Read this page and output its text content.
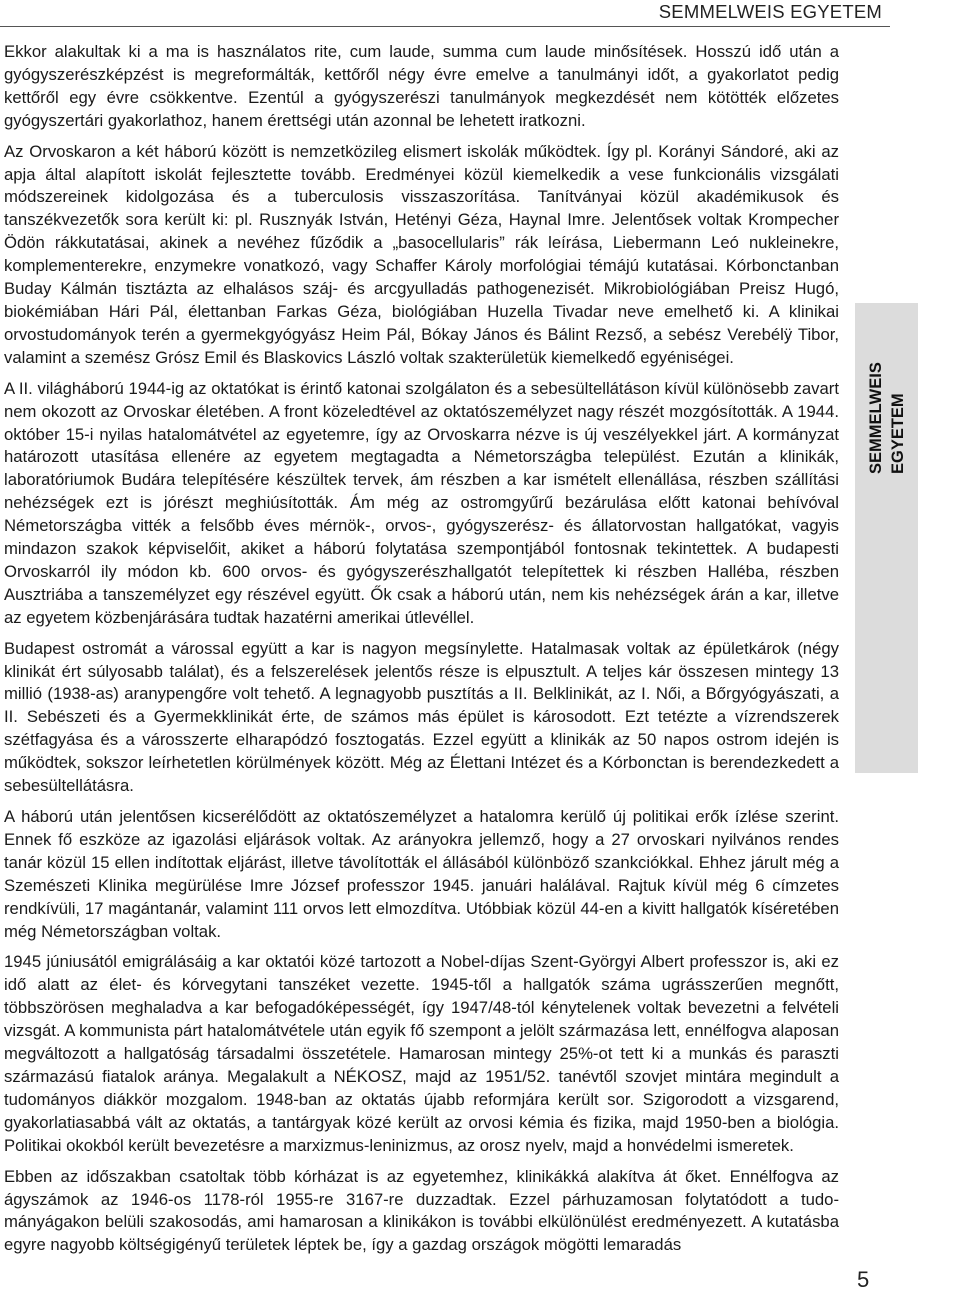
SEMMELWEIS EGYETEM

Ekkor alakultak ki a ma is használatos rite, cum laude, summa cum laude minősítések. Hosszú idő után a gyógyszerészképzést is megreformálták, kettőről négy évre emelve a tanulmányi időt, a gyakorlatot pedig kettőről egy évre csökkentve. Ezentúl a gyógyszerészi tanulmányok megkezdését nem kötötték előzetes gyógyszertári gyakorlathoz, hanem érettségi után azonnal be lehetett iratkozni.

Az Orvoskaron a két háború között is nemzetközileg elismert iskolák működtek. Így pl. Korányi Sándoré, aki az apja által alapított iskolát fejlesztette tovább. Eredményei közül kiemelkedik a vese funkcionális vizsgálati módszereinek kidolgozása és a tuberculosis visszaszorítása. Tanítványai közül akadémikusok és tanszékvezetők sora került ki: pl. Rusznyák István, Hetényi Géza, Haynal Imre. Jelentősek voltak Krompecher Ödön rákkutatásai, akinek a nevéhez fűződik a „basocellularis” rák leírása, Liebermann Leó nukleinekre, komplementerekre, enzymekre vonatkozó, vagy Schaffer Károly morfológiai témájú kutatásai. Kórbonctanban Buday Kálmán tisztázta az elhalásos száj- és arcgyulladás pathogenezisét. Mikrobiológiában Preisz Hugó, biokémiában Hári Pál, élettanban Farkas Géza, biológiában Huzella Tivadar neve emelhető ki. A klinikai orvostudományok terén a gyermekgyógyász Heim Pál, Bókay János és Bálint Rezső, a sebész Verebélÿ Tibor, valamint a szemész Grósz Emil és Blaskovics László voltak szakterületük kiemelkedő egyéniségei.

A II. világháború 1944-ig az oktatókat is érintő katonai szolgálaton és a sebesültellátáson kívül különösebb zavart nem okozott az Orvoskar életében. A front közeledtével az oktatószemélyzet nagy részét mozgósították. A 1944. október 15-i nyilas hatalomátvétel az egyetemre, így az Orvoskarra nézve is új veszélyekkel járt. A kormányzat határozott utasítása ellenére az egyetem megtagadta a Németországba települést. Ezután a klinikák, laboratóriumok Budára telepítésére készültek tervek, ám részben a kar ismételt ellenállása, részben szállítási nehézségek ezt is jórészt meghiúsították. Ám még az ostromgyűrű bezárulása előtt katonai behívóval Németországba vitték a felsőbb éves mérnök-, orvos-, gyógyszerész- és állatorvostan hallgatókat, vagyis mindazon szakok képviselőit, akiket a háború folytatása szempontjából fontosnak tekintettek. A budapesti Orvoskarról ily módon kb. 600 orvos- és gyógyszerészhallgatót telepítettek ki részben Halléba, részben Ausztriába a tanszemélyzet egy részével együtt. Ők csak a háború után, nem kis nehézségek árán a kar, illetve az egyetem közbenjárására tudtak hazatérni amerikai útlevéllel.

Budapest ostromát a várossal együtt a kar is nagyon megsínylette. Hatalmasak voltak az épületkárok (négy klinikát ért súlyosabb találat), és a felszerelések jelentős része is elpusztult. A teljes kár összesen mintegy 13 millió (1938-as) aranypengőre volt tehető. A legnagyobb pusztítás a II. Belklinikát, az I. Női, a Bőrgyógyászati, a II. Sebészeti és a Gyermekklinikát érte, de számos más épület is károsodott. Ezt tetézte a vízrendszerek szétfagyása és a városszerte elharapódzó fosztogatás. Ezzel együtt a klinikák az 50 napos ostrom idején is működtek, sokszor leírhetetlen körülmények között. Még az Élettani Intézet és a Kórbonctan is berendezkedett a sebesültellátásra.

A háború után jelentősen kicserélődött az oktatószemélyzet a hatalomra kerülő új politikai erők ízlése szerint. Ennek fő eszköze az igazolási eljárások voltak. Az arányokra jellemző, hogy a 27 orvoskari nyilvános rendes tanár közül 15 ellen indítottak eljárást, illetve távolították el állásából különböző szankciókkal. Ehhez járult még a Szemészeti Klinika megürülése Imre József professzor 1945. januári halálával. Rajtuk kívül még 6 címzetes rendkívüli, 17 magántanár, valamint 111 orvos lett elmozdítva. Utóbbiak közül 44-en a kivitt hallgatók kíséretében még Németországban voltak.

1945 júniusától emigrálásáig a kar oktatói közé tartozott a Nobel-díjas Szent-Györgyi Albert professzor is, aki ez idő alatt az élet- és kórvegytani tanszéket vezette. 1945-től a hallgatók száma ugrásszerűen megnőtt, többszörösen meghaladva a kar befogadóképességét, így 1947/48-tól kénytelenek voltak bevezetni a felvételi vizsgát. A kommunista párt hatalomátvétele után egyik fő szempont a jelölt származása lett, ennélfogva alaposan megváltozott a hallgatóság társadalmi összetétele. Hamarosan mintegy 25%-ot tett ki a munkás és paraszti származású fiatalok aránya. Megalakult a NÉKOSZ, majd az 1951/52. tanévtől szovjet mintára megindult a tudományos diákkör mozgalom. 1948-ban az oktatás újabb reformjára került sor. Szigorodott a vizsgarend, gyakorlatiasabbá vált az oktatás, a tantárgyak közé került az orvosi kémia és fizika, majd 1950-ben a biológia. Politikai okokból került bevezetésre a marxizmus-leninizmus, az orosz nyelv, majd a honvédelmi ismeretek.

Ebben az időszakban csatoltak több kórházat is az egyetemhez, klinikákká alakítva át őket. Ennélfogva az ágyszámok az 1946-os 1178-ról 1955-re 3167-re duzzadtak. Ezzel párhuzamosan folytatódott a tudományágakon belüli szakosodás, ami hamarosan a klinikákon is további elkülönülést eredményezett. A kutatásba egyre nagyobb költségigényű területek léptek be, így a gazdag országok mögötti lemaradás

SEMMELWEIS EGYETEM
5
